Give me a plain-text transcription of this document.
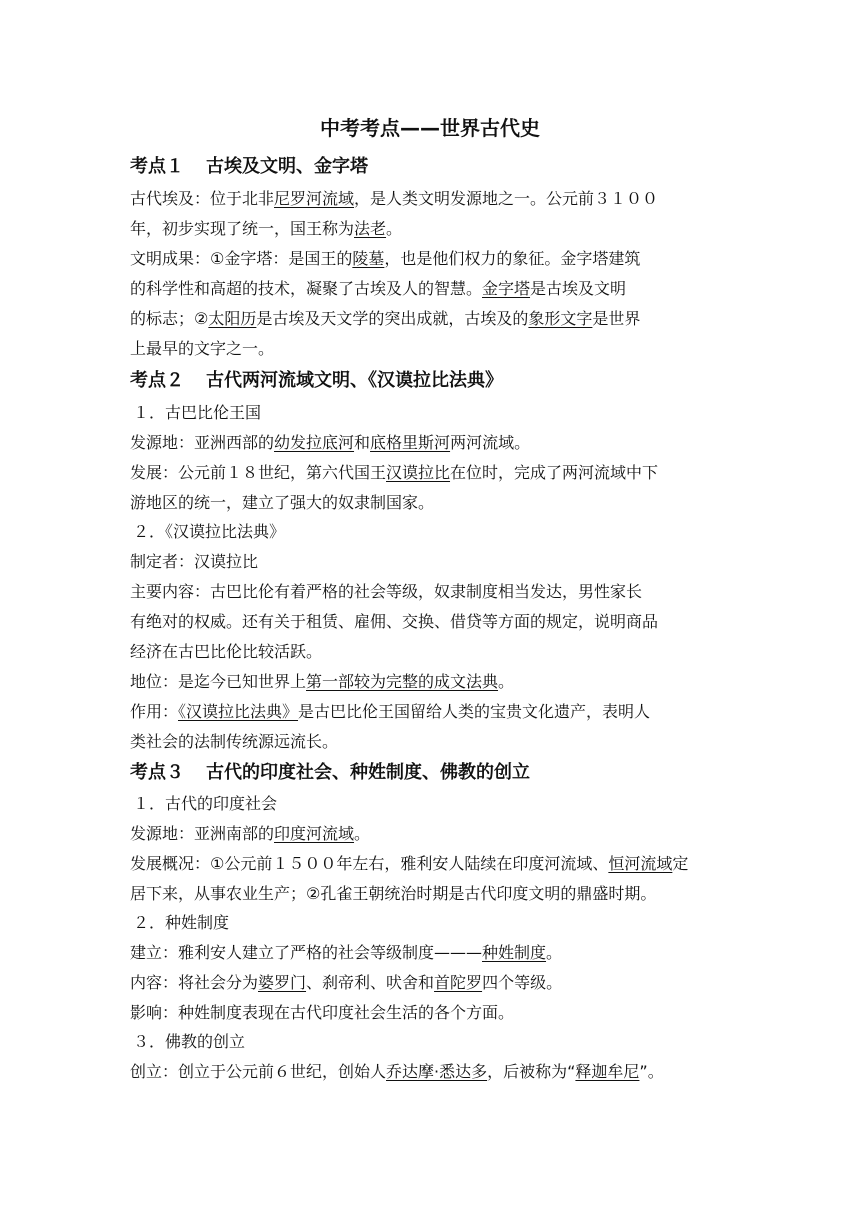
中考考点——世界古代史
考点１ 古埃及文明、金字塔
古代埃及：位于北非尼罗河流域，是人类文明发源地之一。公元前３１００
年，初步实现了统一，国王称为法老。
文明成果：①金字塔：是国王的陵墓，也是他们权力的象征。金字塔建筑
的科学性和高超的技术，凝聚了古埃及人的智慧。金字塔是古埃及文明
的标志；②太阳历是古埃及天文学的突出成就，古埃及的象形文字是世界
上最早的文字之一。
考点２ 古代两河流域文明、《汉谟拉比法典》
１．古巴比伦王国
发源地：亚洲西部的幼发拉底河和底格里斯河两河流域。
发展：公元前１８世纪，第六代国王汉谟拉比在位时，完成了两河流域中下
游地区的统一，建立了强大的奴隶制国家。
２．《汉谟拉比法典》
制定者：汉谟拉比
主要内容：古巴比伦有着严格的社会等级，奴隶制度相当发达，男性家长
有绝对的权威。还有关于租赁、雇佣、交换、借贷等方面的规定，说明商品
经济在古巴比伦比较活跃。
地位：是迄今已知世界上第一部较为完整的成文法典。
作用：《汉谟拉比法典》是古巴比伦王国留给人类的宝贵文化遗产，表明人
类社会的法制传统源远流长。
考点３ 古代的印度社会、种姓制度、佛教的创立
１．古代的印度社会
发源地：亚洲南部的印度河流域。
发展概况：①公元前１５００年左右，雅利安人陆续在印度河流域、恒河流域定
居下来，从事农业生产；②孔雀王朝统治时期是古代印度文明的鼎盛时期。
２．种姓制度
建立：雅利安人建立了严格的社会等级制度———种姓制度。
内容：将社会分为婆罗门、刹帝利、吠舍和首陀罗四个等级。
影响：种姓制度表现在古代印度社会生活的各个方面。
３．佛教的创立
创立：创立于公元前６世纪，创始人乔达摩·悉达多，后被称为“释迦牟尼”。
